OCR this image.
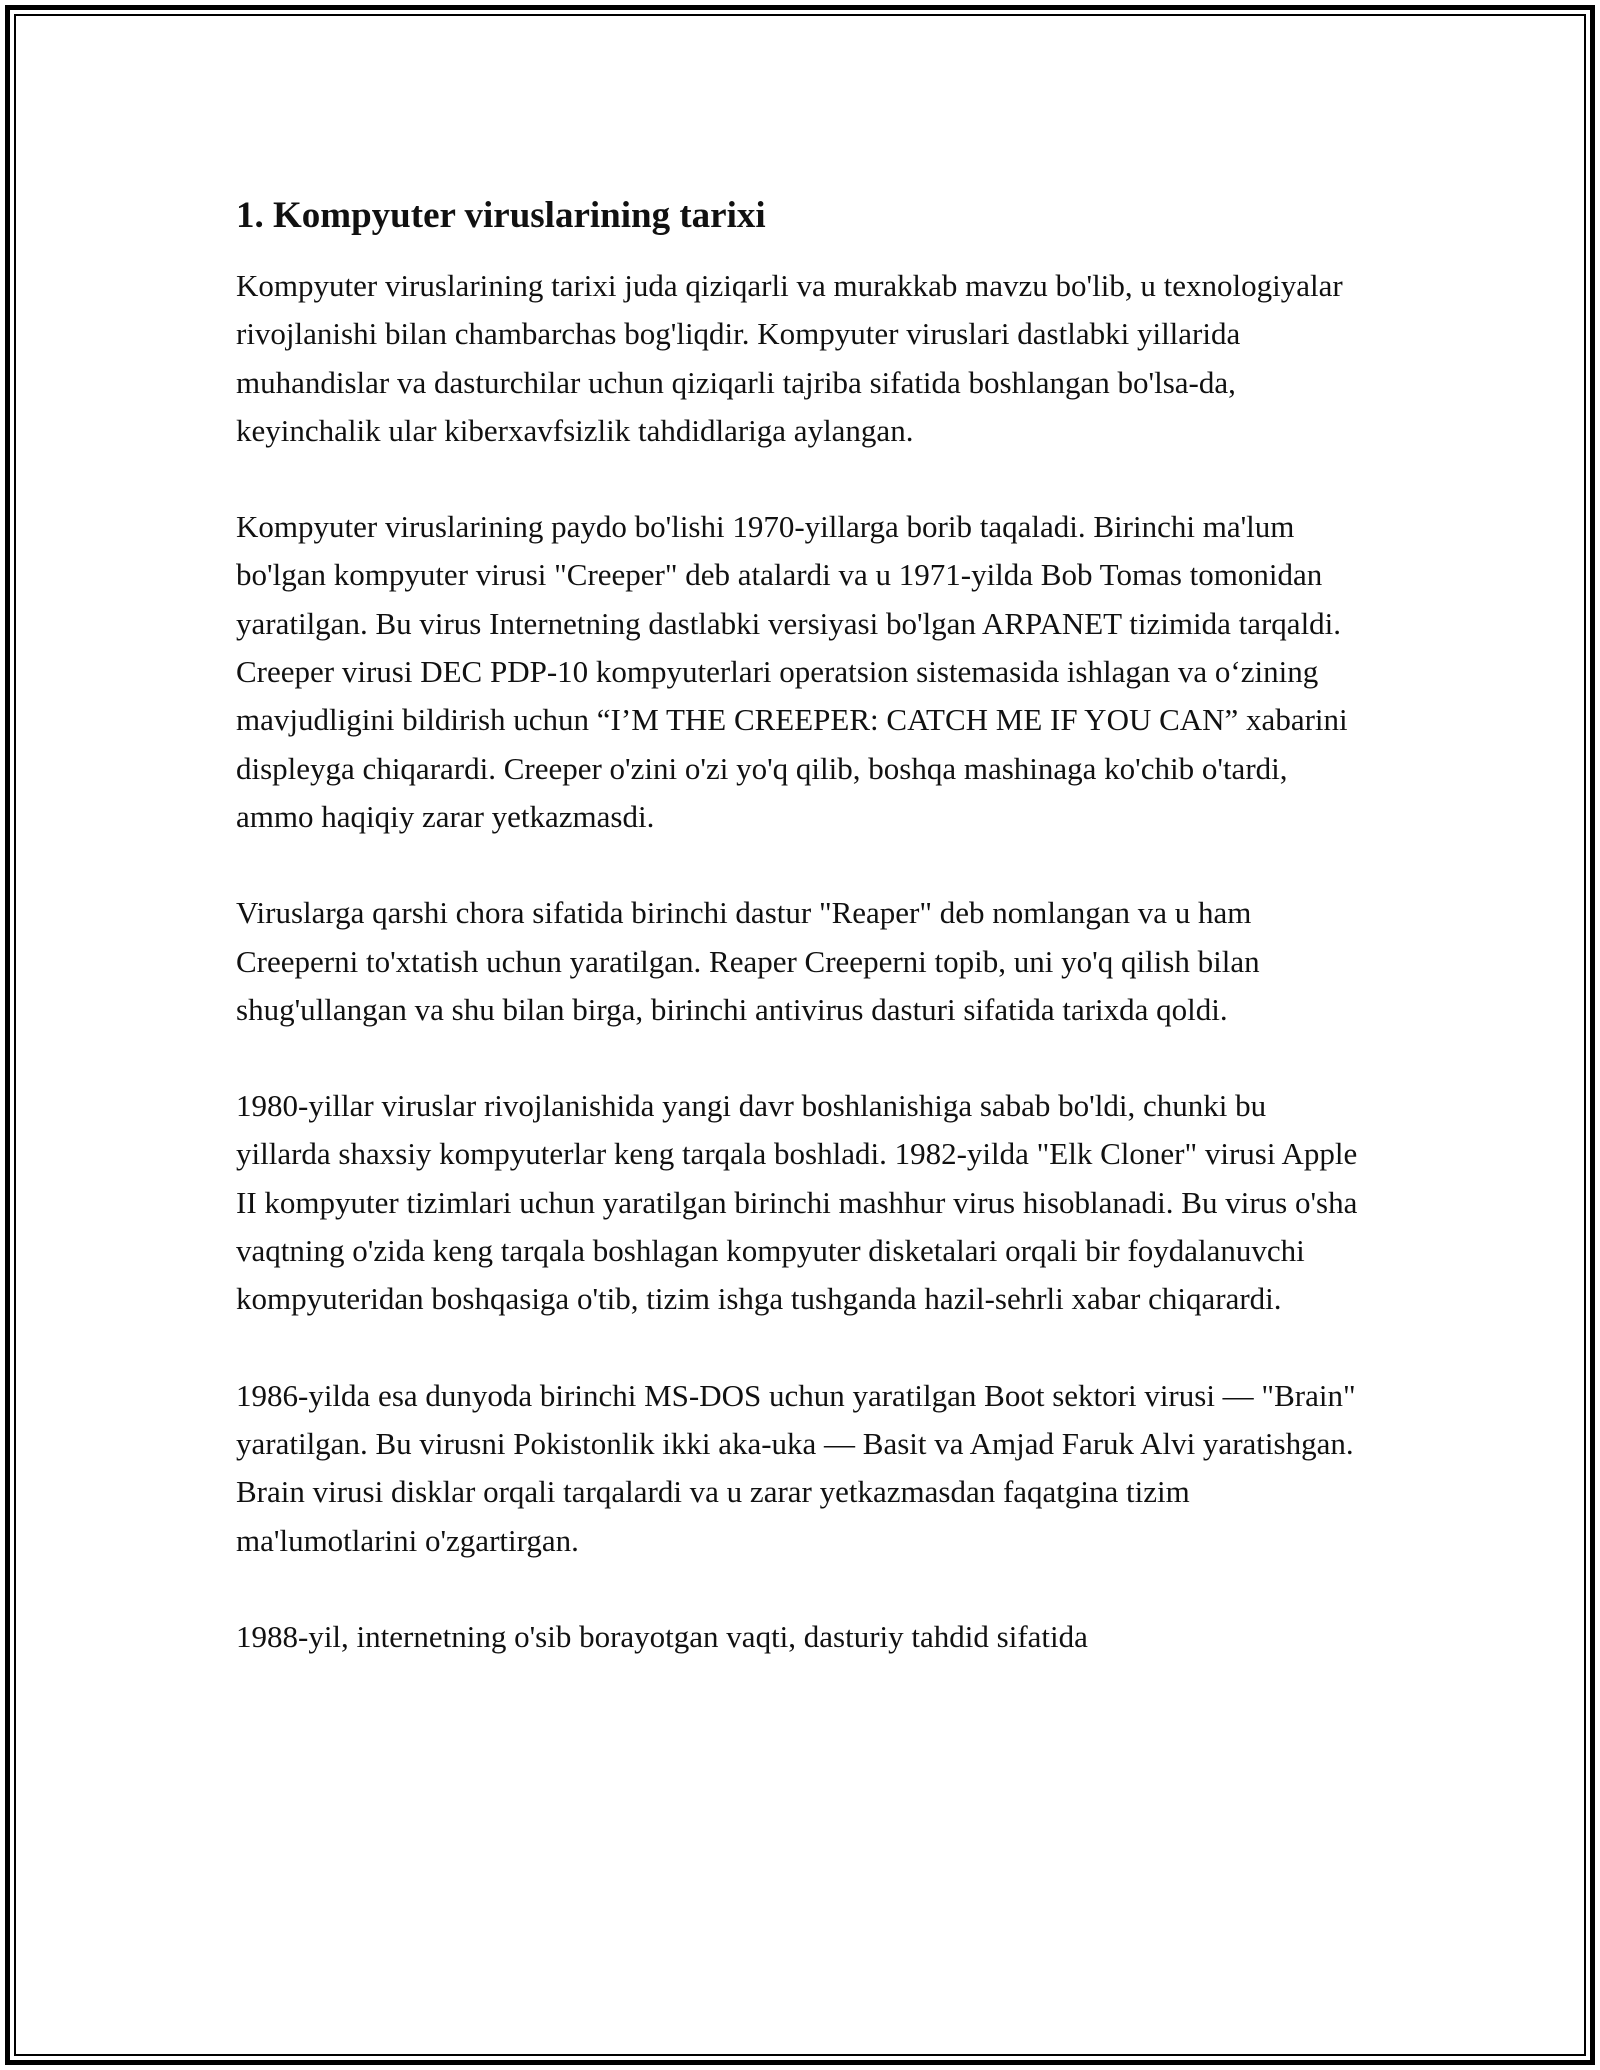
1. Kompyuter viruslarining tarixi

Kompyuter viruslarining tarixi juda qiziqarli va murakkab mavzu bo'lib, u texnologiyalar rivojlanishi bilan chambarchas bog'liqdir. Kompyuter viruslari dastlabki yillarida muhandislar va dasturchilar uchun qiziqarli tajriba sifatida boshlangan bo'lsa-da, keyinchalik ular kiberxavfsizlik tahdidlariga aylangan.

Kompyuter viruslarining paydo bo'lishi 1970-yillarga borib taqaladi. Birinchi ma'lum bo'lgan kompyuter virusi "Creeper" deb atalardi va u 1971-yilda Bob Tomas tomonidan yaratilgan. Bu virus Internetning dastlabki versiyasi bo'lgan ARPANET tizimida tarqaldi. Creeper virusi DEC PDP-10 kompyuterlari operatsion sistemasida ishlagan va o‘zining mavjudligini bildirish uchun “I’M THE CREEPER: CATCH ME IF YOU CAN” xabarini displeyga chiqarardi. Creeper o'zini o'zi yo'q qilib, boshqa mashinaga ko'chib o'tardi, ammo haqiqiy zarar yetkazmasdi.

Viruslarga qarshi chora sifatida birinchi dastur "Reaper" deb nomlangan va u ham Creeperni to'xtatish uchun yaratilgan. Reaper Creeperni topib, uni yo'q qilish bilan shug'ullangan va shu bilan birga, birinchi antivirus dasturi sifatida tarixda qoldi.

1980-yillar viruslar rivojlanishida yangi davr boshlanishiga sabab bo'ldi, chunki bu yillarda shaxsiy kompyuterlar keng tarqala boshladi. 1982-yilda "Elk Cloner" virusi Apple II kompyuter tizimlari uchun yaratilgan birinchi mashhur virus hisoblanadi. Bu virus o'sha vaqtning o'zida keng tarqala boshlagan kompyuter disketalari orqali bir foydalanuvchi kompyuteridan boshqasiga o'tib, tizim ishga tushganda hazil-sehrli xabar chiqarardi.

1986-yilda esa dunyoda birinchi MS-DOS uchun yaratilgan Boot sektori virusi — "Brain" yaratilgan. Bu virusni Pokistonlik ikki aka-uka — Basit va Amjad Faruk Alvi yaratishgan. Brain virusi disklar orqali tarqalardi va u zarar yetkazmasdan faqatgina tizim ma'lumotlarini o'zgartirgan.

1988-yil, internetning o'sib borayotgan vaqti, dasturiy tahdid sifatida
